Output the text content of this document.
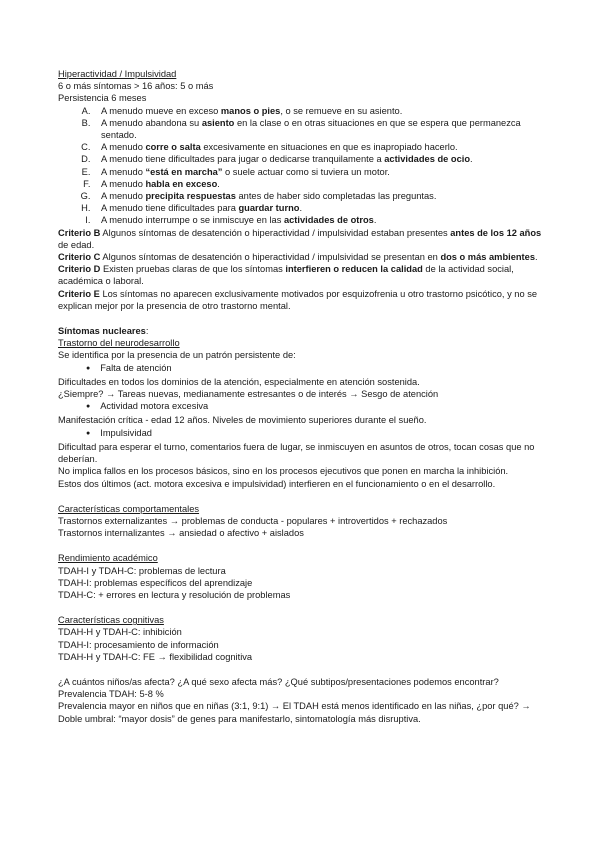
Hiperactividad / Impulsividad
6 o más síntomas > 16 años: 5 o más
Persistencia 6 meses
A. A menudo mueve en exceso manos o pies, o se remueve en su asiento.
B. A menudo abandona su asiento en la clase o en otras situaciones en que se espera que permanezca sentado.
C. A menudo corre o salta excesivamente en situaciones en que es inapropiado hacerlo.
D. A menudo tiene dificultades para jugar o dedicarse tranquilamente a actividades de ocio.
E. A menudo “está en marcha” o suele actuar como si tuviera un motor.
F. A menudo habla en exceso.
G. A menudo precipita respuestas antes de haber sido completadas las preguntas.
H. A menudo tiene dificultades para guardar turno.
I. A menudo interrumpe o se inmiscuye en las actividades de otros.
Criterio B Algunos síntomas de desatención o hiperactividad / impulsividad estaban presentes antes de los 12 años de edad.
Criterio C Algunos síntomas de desatención o hiperactividad / impulsividad se presentan en dos o más ambientes.
Criterio D Existen pruebas claras de que los síntomas interfieren o reducen la calidad de la actividad social, académica o laboral.
Criterio E Los síntomas no aparecen exclusivamente motivados por esquizofrenia u otro trastorno psicótico, y no se explican mejor por la presencia de otro trastorno mental.
Síntomas nucleares:
Trastorno del neurodesarrollo
Se identifica por la presencia de un patrón persistente de:
● Falta de atención
Dificultades en todos los dominios de la atención, especialmente en atención sostenida.
¿Siempre? → Tareas nuevas, medianamente estresantes o de interés → Sesgo de atención
● Actividad motora excesiva
Manifestación crítica - edad 12 años. Niveles de movimiento superiores durante el sueño.
● Impulsividad
Dificultad para esperar el turno, comentarios fuera de lugar, se inmiscuyen en asuntos de otros, tocan cosas que no deberían.
No implica fallos en los procesos básicos, sino en los procesos ejecutivos que ponen en marcha la inhibición.
Estos dos últimos (act. motora excesiva e impulsividad) interfieren en el funcionamiento o en el desarrollo.
Características comportamentales
Trastornos externalizantes → problemas de conducta - populares + introvertidos + rechazados
Trastornos internalizantes → ansiedad o afectivo + aislados
Rendimiento académico
TDAH-I y TDAH-C: problemas de lectura
TDAH-I: problemas específicos del aprendizaje
TDAH-C: + errores en lectura y resolución de problemas
Características cognitivas
TDAH-H y TDAH-C: inhibición
TDAH-I: procesamiento de información
TDAH-H y TDAH-C: FE → flexibilidad cognitiva
¿A cuántos niños/as afecta? ¿A qué sexo afecta más? ¿Qué subtipos/presentaciones podemos encontrar?
Prevalencia TDAH: 5-8 %
Prevalencia mayor en niños que en niñas (3:1, 9:1) → El TDAH está menos identificado en las niñas, ¿por qué? → Doble umbral: “mayor dosis” de genes para manifestarlo, sintomatología más disruptiva.
